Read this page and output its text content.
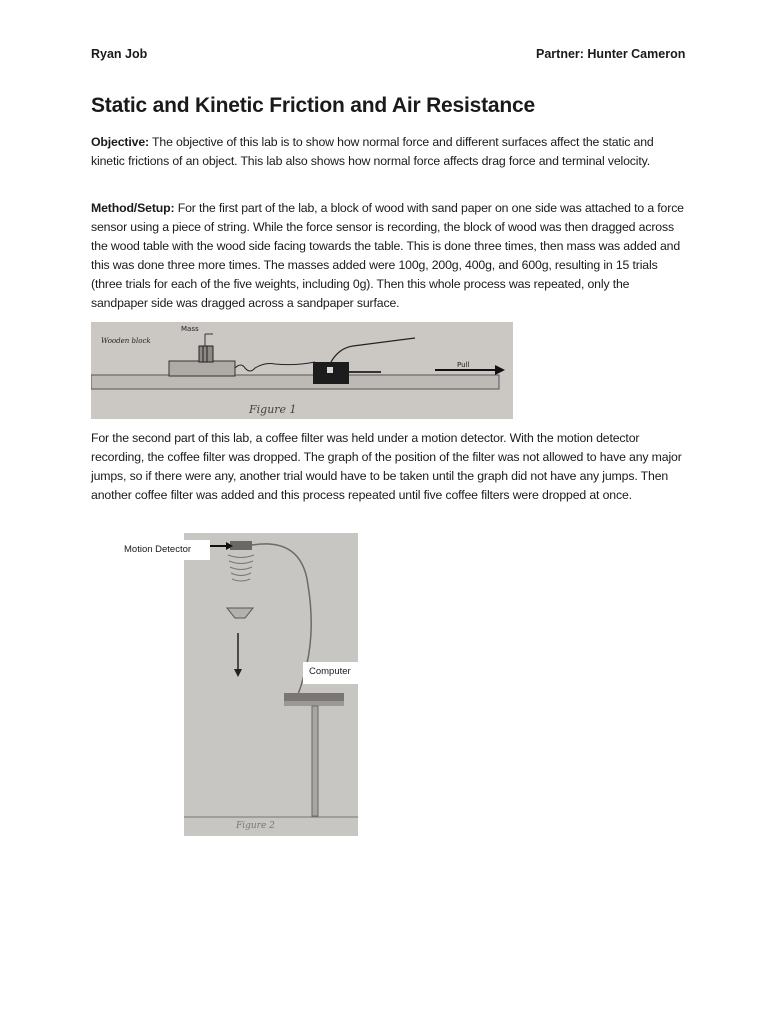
Ryan Job	Partner: Hunter Cameron
Static and Kinetic Friction and Air Resistance
Objective: The objective of this lab is to show how normal force and different surfaces affect the static and kinetic frictions of an object. This lab also shows how normal force affects drag force and terminal velocity.
Method/Setup: For the first part of the lab, a block of wood with sand paper on one side was attached to a force sensor using a piece of string. While the force sensor is recording, the block of wood was then dragged across the wood table with the wood side facing towards the table. This is done three times, then mass was added and this was done three more times. The masses added were 100g, 200g, 400g, and 600g, resulting in 15 trials (three trials for each of the five weights, including 0g). Then this whole process was repeated, only the sandpaper side was dragged across a sandpaper surface.
Wooden block
Mass
Pull
Figure 1
For the second part of this lab, a coffee filter was held under a motion detector. With the motion detector recording, the coffee filter was dropped. The graph of the position of the filter was not allowed to have any major jumps, so if there were any, another trial would have to be taken until the graph did not have any jumps. Then another coffee filter was added and this process repeated until five coffee filters were dropped at once.
Figure 2
Motion Detector
Computer
